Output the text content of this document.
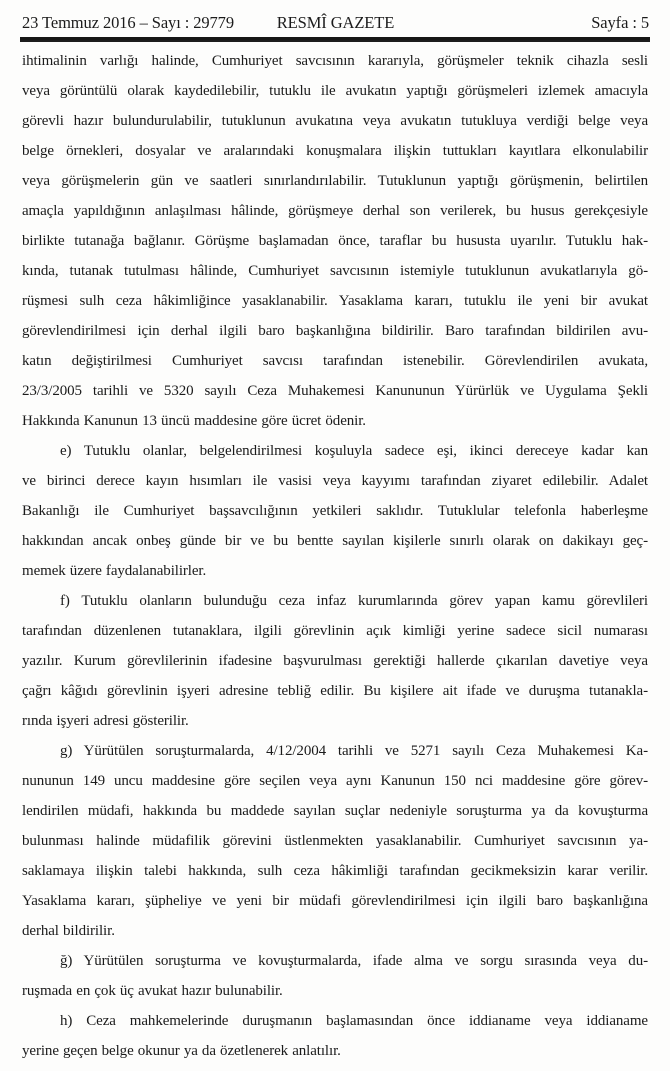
23 Temmuz 2016 – Sayı : 29779	RESMÎ GAZETE	Sayfa : 5
ihtimalinin varlığı halinde, Cumhuriyet savcısının kararıyla, görüşmeler teknik cihazla sesli
veya görüntülü olarak kaydedilebilir, tutuklu ile avukatın yaptığı görüşmeleri izlemek amacıyla
görevli hazır bulundurulabilir, tutuklunun avukatına veya avukatın tutukluya verdiği belge veya
belge örnekleri, dosyalar ve aralarındaki konuşmalara ilişkin tuttukları kayıtlara elkonulabilir
veya görüşmelerin gün ve saatleri sınırlandırılabilir. Tutuklunun yaptığı görüşmenin, belirtilen
amaçla yapıldığının anlaşılması hâlinde, görüşmeye derhal son verilerek, bu husus gerekçesiyle
birlikte tutanağa bağlanır. Görüşme başlamadan önce, taraflar bu hususta uyarılır. Tutuklu hak-
kında, tutanak tutulması hâlinde, Cumhuriyet savcısının istemiyle tutuklunun avukatlarıyla gö-
rüşmesi sulh ceza hâkimliğince yasaklanabilir. Yasaklama kararı, tutuklu ile yeni bir avukat
görevlendirilmesi için derhal ilgili baro başkanlığına bildirilir. Baro tarafından bildirilen avu-
katın değiştirilmesi Cumhuriyet savcısı tarafından istenebilir. Görevlendirilen avukata,
23/3/2005 tarihli ve 5320 sayılı Ceza Muhakemesi Kanununun Yürürlük ve Uygulama Şekli
Hakkında Kanunun 13 üncü maddesine göre ücret ödenir.
e) Tutuklu olanlar, belgelendirilmesi koşuluyla sadece eşi, ikinci dereceye kadar kan
ve birinci derece kayın hısımları ile vasisi veya kayyımı tarafından ziyaret edilebilir. Adalet
Bakanlığı ile Cumhuriyet başsavcılığının yetkileri saklıdır. Tutuklular telefonla haberleşme
hakkından ancak onbeş günde bir ve bu bentte sayılan kişilerle sınırlı olarak on dakikayı geç-
memek üzere faydalanabilirler.
f) Tutuklu olanların bulunduğu ceza infaz kurumlarında görev yapan kamu görevlileri
tarafından düzenlenen tutanaklara, ilgili görevlinin açık kimliği yerine sadece sicil numarası
yazılır. Kurum görevlilerinin ifadesine başvurulması gerektiği hallerde çıkarılan davetiye veya
çağrı kâğıdı görevlinin işyeri adresine tebliğ edilir. Bu kişilere ait ifade ve duruşma tutanakla-
rında işyeri adresi gösterilir.
g) Yürütülen soruşturmalarda, 4/12/2004 tarihli ve 5271 sayılı Ceza Muhakemesi Ka-
nununun 149 uncu maddesine göre seçilen veya aynı Kanunun 150 nci maddesine göre görev-
lendirilen müdafi, hakkında bu maddede sayılan suçlar nedeniyle soruşturma ya da kovuşturma
bulunması halinde müdafilik görevini üstlenmekten yasaklanabilir. Cumhuriyet savcısının ya-
saklamaya ilişkin talebi hakkında, sulh ceza hâkimliği tarafından gecikmeksizin karar verilir.
Yasaklama kararı, şüpheliye ve yeni bir müdafi görevlendirilmesi için ilgili baro başkanlığına
derhal bildirilir.
ğ) Yürütülen soruşturma ve kovuşturmalarda, ifade alma ve sorgu sırasında veya du-
ruşmada en çok üç avukat hazır bulunabilir.
h) Ceza mahkemelerinde duruşmanın başlamasından önce iddianame veya iddianame
yerine geçen belge okunur ya da özetlenerek anlatılır.
